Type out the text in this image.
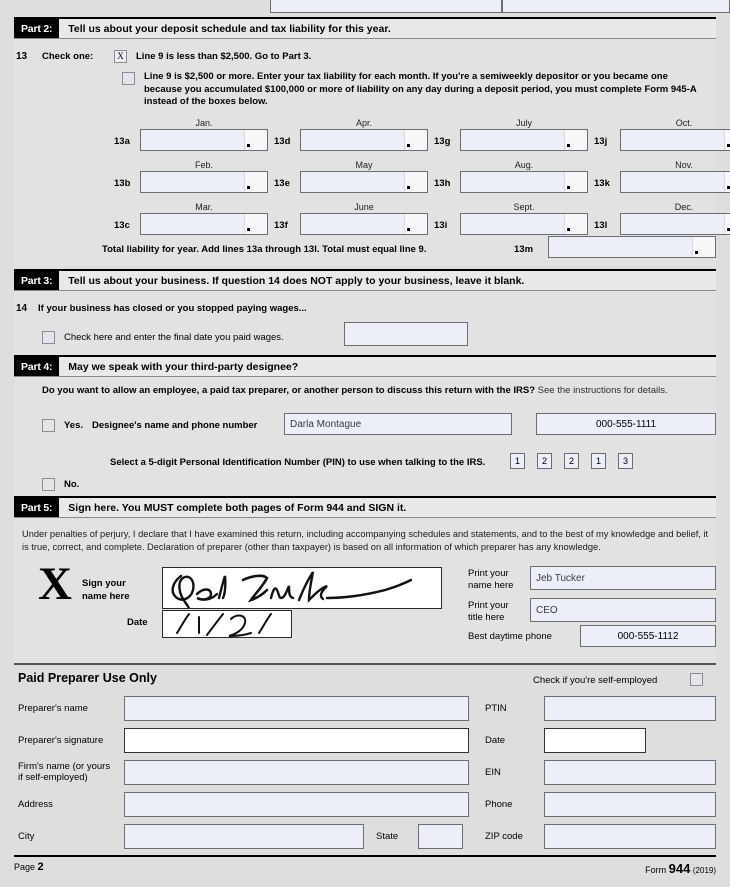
Part 2:	Tell us about your deposit schedule and tax liability for this year.
13 Check one:	X	Line 9 is less than $2,500. Go to Part 3.
Line 9 is $2,500 or more. Enter your tax liability for each month. If you're a semiweekly depositor or you became one because you accumulated $100,000 or more of liability on any day during a deposit period, you must complete Form 945-A instead of the boxes below.
Jan.
13a
Feb.
13b
Mar.
13c
Apr.
13d
May
13e
June
13f
July
13g
Aug.
13h
Sept.
13i
Oct.
13j
Nov.
13k
Dec.
13l
Total liability for year. Add lines 13a through 13l. Total must equal line 9.	13m
Part 3:	Tell us about your business. If question 14 does NOT apply to your business, leave it blank.
14 If your business has closed or you stopped paying wages...
Check here and enter the final date you paid wages.
Part 4:	May we speak with your third-party designee?
Do you want to allow an employee, a paid tax preparer, or another person to discuss this return with the IRS? See the instructions for details.
Yes. Designee's name and phone number	Darla Montague	000-555-1111
Select a 5-digit Personal Identification Number (PIN) to use when talking to the IRS.	1	2	2	1	3
No.
Part 5:	Sign here. You MUST complete both pages of Form 944 and SIGN it.
Under penalties of perjury, I declare that I have examined this return, including accompanying schedules and statements, and to the best of my knowledge and belief, it is true, correct, and complete. Declaration of preparer (other than taxpayer) is based on all information of which preparer has any knowledge.
X Sign your
name here
Date
Print your
name here
Jeb Tucker
Print your
title here
CEO
Best daytime phone	000-555-1112
Paid Preparer Use Only	Check if you're self-employed
Preparer's name
Preparer's signature
Firm's name (or yours
if self-employed)
Address
City	State
PTIN
Date
EIN
Phone
ZIP code
Page 2	Form 944 (2019)
